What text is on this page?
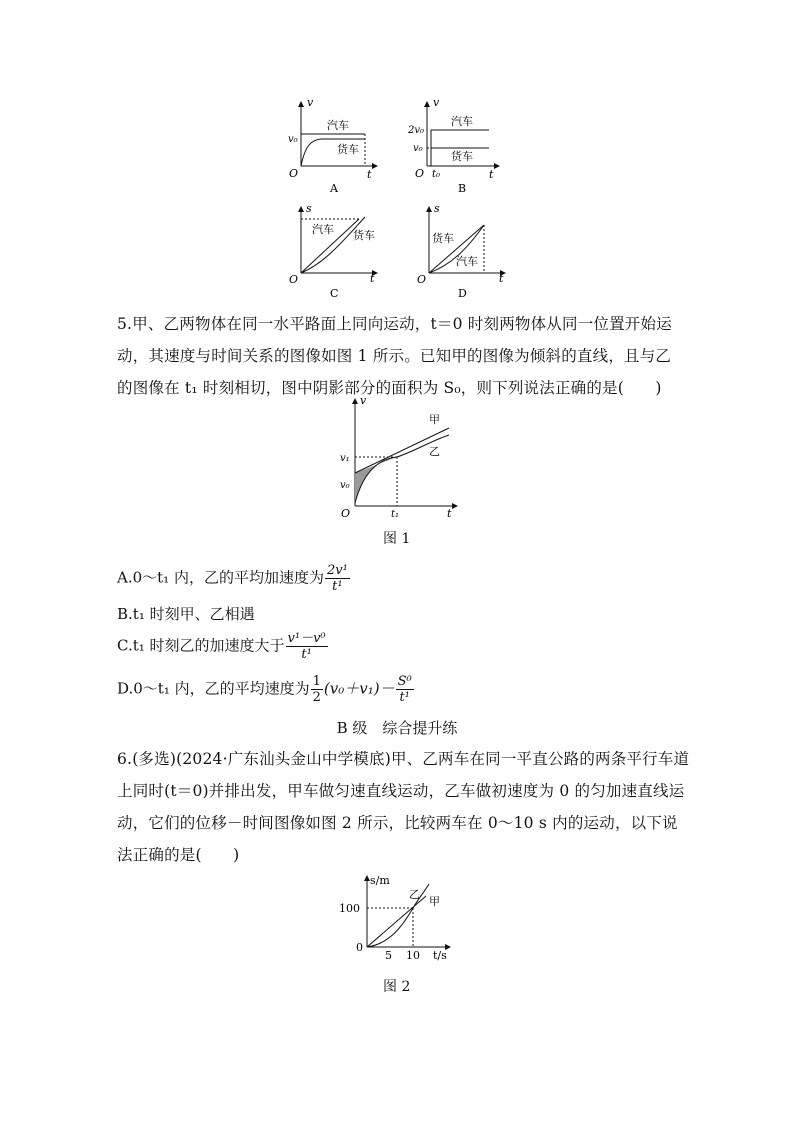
v
t
O
v₀
汽车
货车
A
v
t
O
2v₀
v₀
t₀
汽车
货车
B
s
t
O
汽车 货车
C
s
t
O
货车
汽车
D
5.甲、乙两物体在同一水平路面上同向运动，t＝0 时刻两物体从同一位置开始运
动，其速度与时间关系的图像如图 1 所示。已知甲的图像为倾斜的直线，且与乙
的图像在 t₁ 时刻相切，图中阴影部分的面积为 S₀，则下列说法正确的是(　　)
v
t
O
v₁
v₀
t₁
甲
乙
图 1
A.0～t₁ 内，乙的平均加速度为 $\frac{\text{2v¹}}{\text{t¹}}$
B.t₁ 时刻甲、乙相遇
C.t₁ 时刻乙的加速度大于 $\frac{\text{v¹－v⁰}}{\text{t¹}}$
D.0～t₁ 内，乙的平均速度为 $\frac{1}{2} (v_0+v_1)- \frac{\text{S⁰}}{\text{t¹}}$
B 级　综合提升练
6.(多选)(2024·广东汕头金山中学模底)甲、乙两车在同一平直公路的两条平行车道
上同时(t＝0)并排出发，甲车做匀速直线运动，乙车做初速度为 0 的匀加速直线运
动，它们的位移－时间图像如图 2 所示，比较两车在 0～10 s 内的运动，以下说
法正确的是(　　)
s/m
t/s
100
0
5 10
乙
甲
图 2
